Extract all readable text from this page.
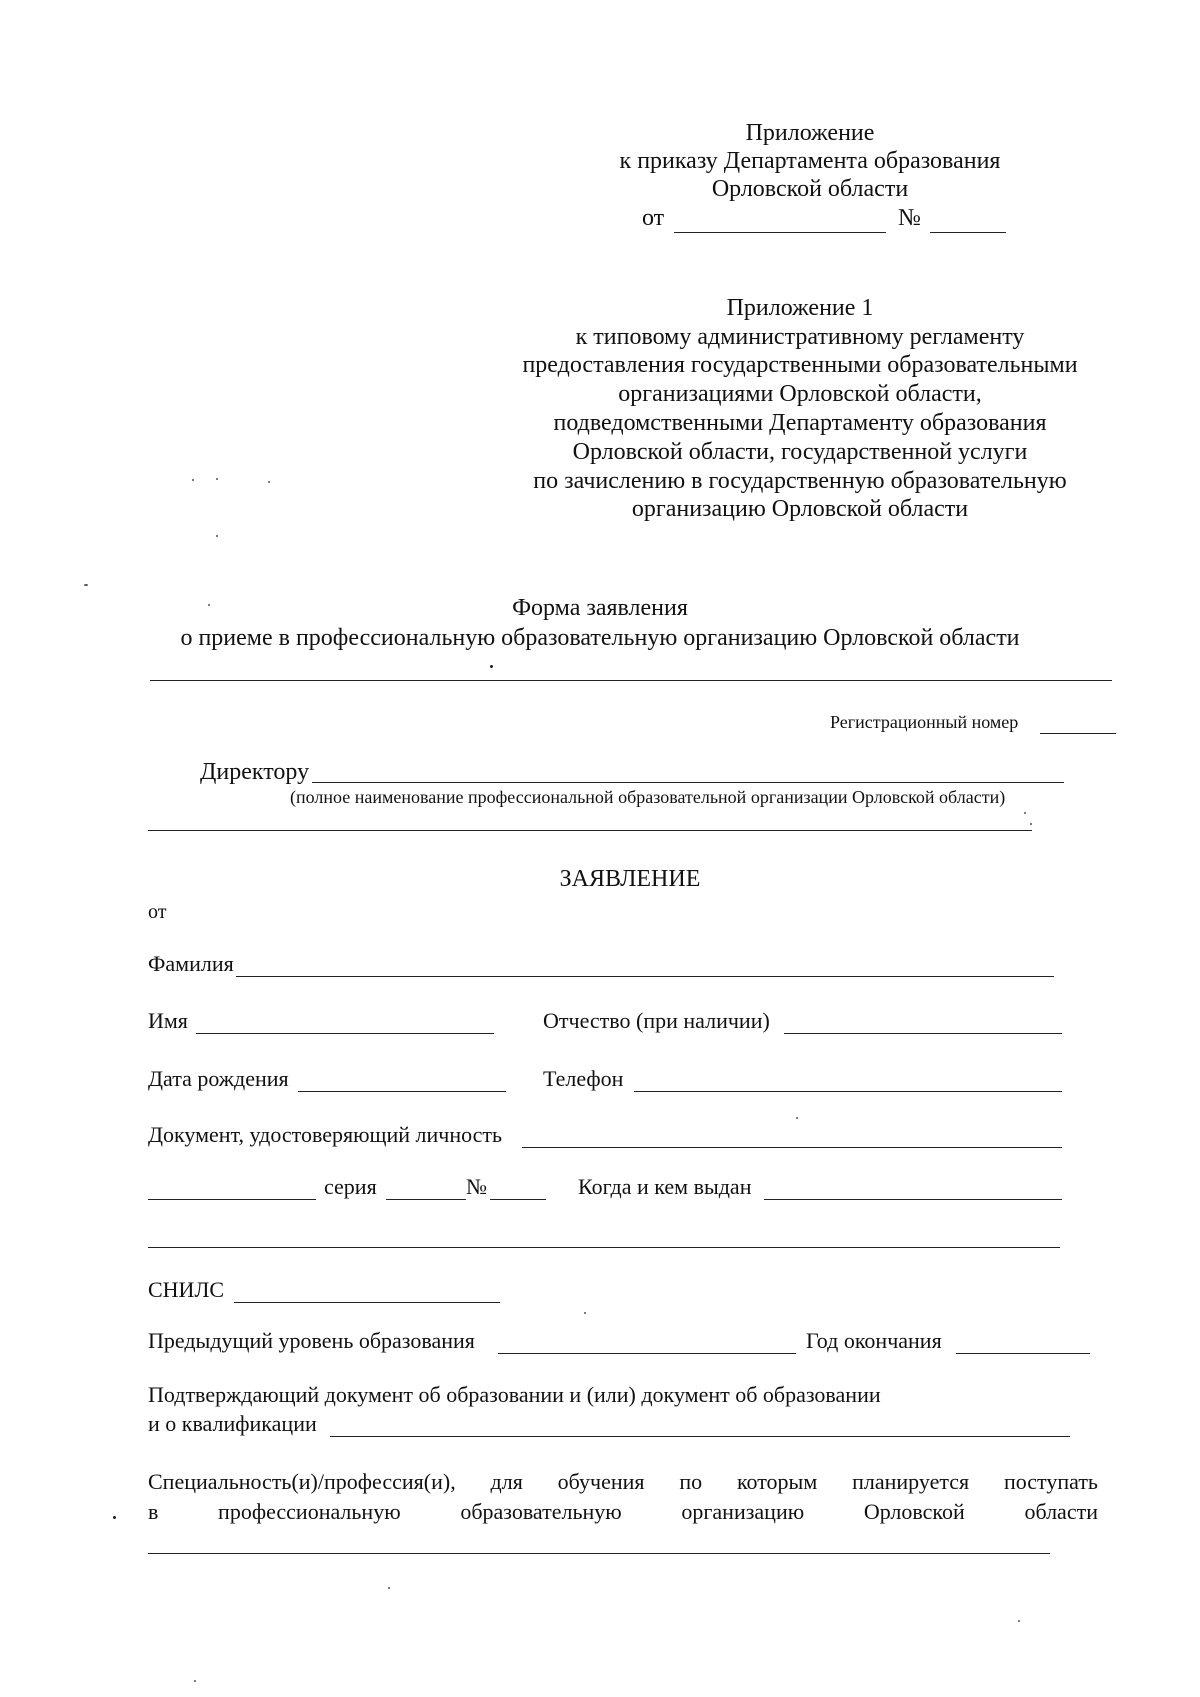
Приложение
к приказу Департамента образования
Орловской области
от	№
Приложение 1
к типовому административному регламенту
предоставления государственными образовательными
организациями Орловской области,
подведомственными Департаменту образования
Орловской области, государственной услуги
по зачислению в государственную образовательную
организацию Орловской области
Форма заявления
о приеме в профессиональную образовательную организацию Орловской области
Регистрационный номер
Директору
(полное наименование профессиональной образовательной организации Орловской области)
ЗАЯВЛЕНИЕ
от
Фамилия
Имя	Отчество (при наличии)
Дата рождения	Телефон
Документ, удостоверяющий личность
серия	№	Когда и кем выдан
СНИЛС
Предыдущий уровень образования	Год окончания
Подтверждающий документ об образовании и (или) документ об образовании
и о квалификации
Специальность(и)/профессия(и), для обучения по которым планируется поступать
в	профессиональную	образовательную	организацию	Орловской	области
